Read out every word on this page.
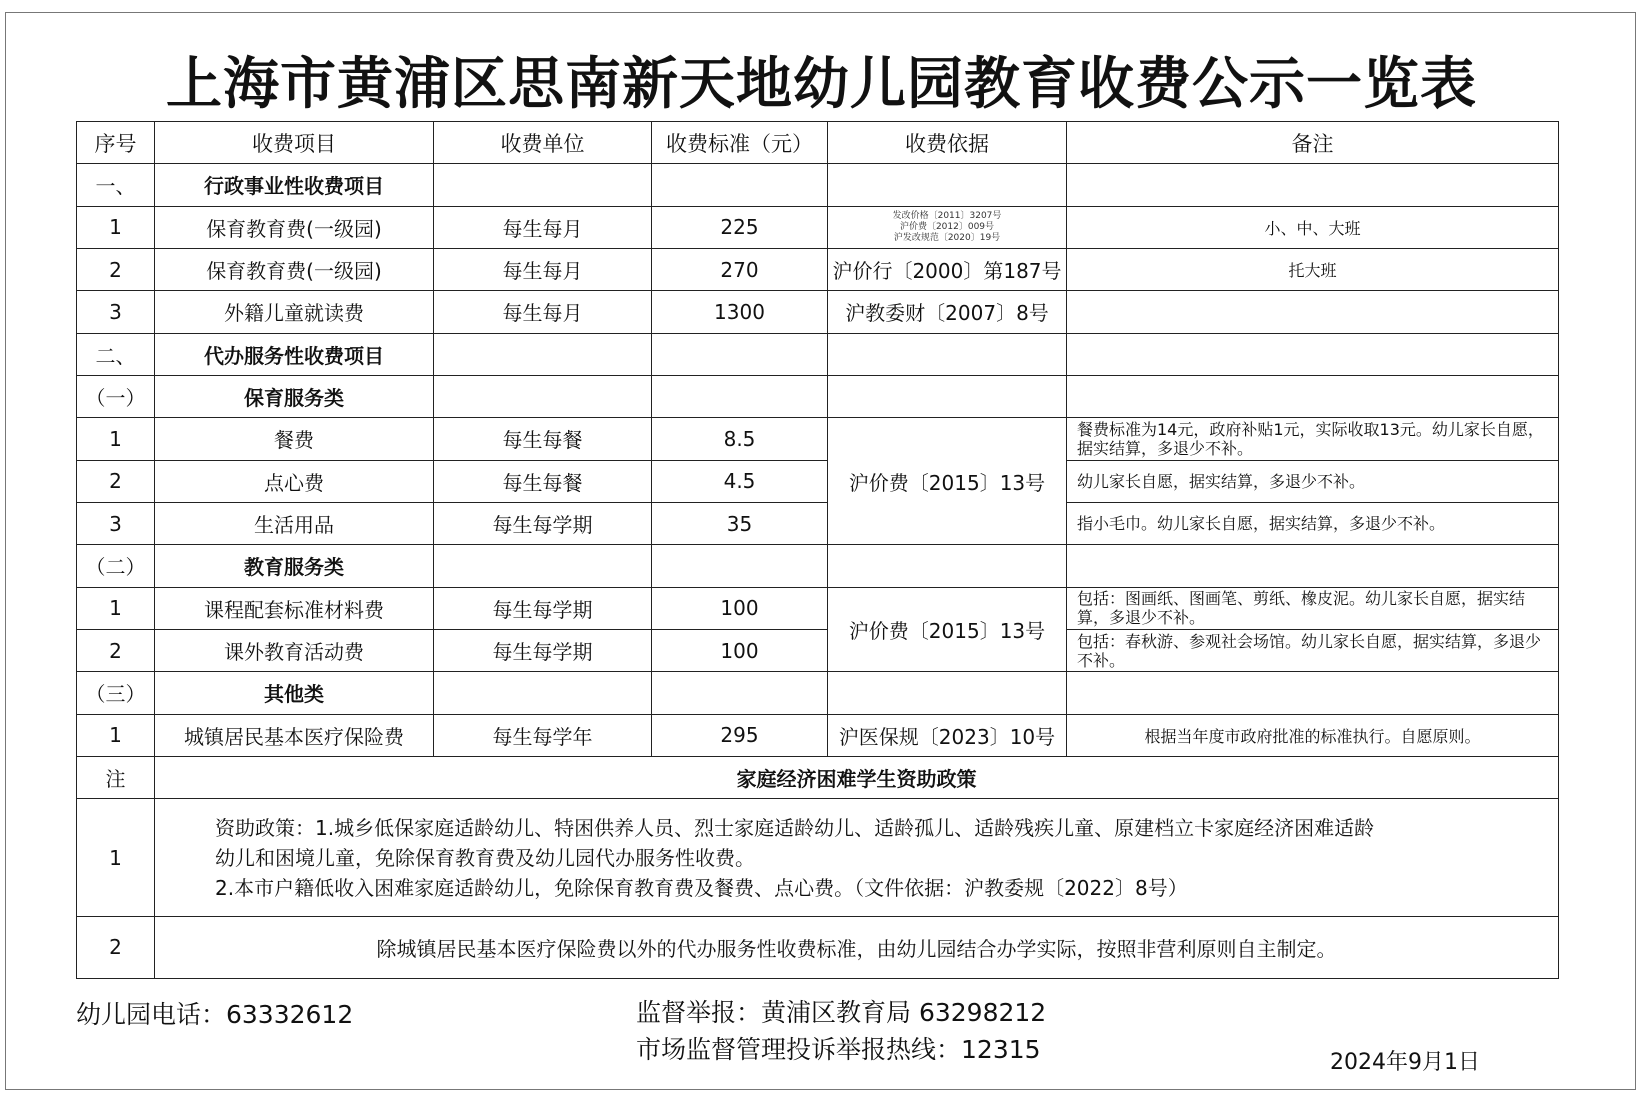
上海市黄浦区思南新天地幼儿园教育收费公示一览表
序号	收费项目	收费单位	收费标准（元）	收费依据	备注
一、	行政事业性收费项目				
1	保育教育费(一级园)	每生每月	225	发改价格〔2011〕3207号
沪价费〔2012〕009号
沪发改规范〔2020〕19号	小、中、大班
2	保育教育费(一级园)	每生每月	270	沪价行〔2000〕第187号	托大班
3	外籍儿童就读费	每生每月	1300	沪教委财〔2007〕8号	
二、	代办服务性收费项目				
（一）	保育服务类				
1	餐费	每生每餐	8.5	沪价费〔2015〕13号	餐费标准为14元，政府补贴1元，实际收取13元。幼儿家长自愿，据实结算，多退少不补。
2	点心费	每生每餐	4.5		幼儿家长自愿，据实结算，多退少不补。
3	生活用品	每生每学期	35		指小毛巾。幼儿家长自愿，据实结算，多退少不补。
（二）	教育服务类				
1	课程配套标准材料费	每生每学期	100	沪价费〔2015〕13号	包括：图画纸、图画笔、剪纸、橡皮泥。幼儿家长自愿，据实结算，多退少不补。
2	课外教育活动费	每生每学期	100		包括：春秋游、参观社会场馆。幼儿家长自愿，据实结算，多退少不补。
（三）	其他类				
1	城镇居民基本医疗保险费	每生每学年	295	沪医保规〔2023〕10号	根据当年度市政府批准的标准执行。自愿原则。
注	家庭经济困难学生资助政策				
1	资助政策：1.城乡低保家庭适龄幼儿、特困供养人员、烈士家庭适龄幼儿、适龄孤儿、适龄残疾儿童、原建档立卡家庭经济困难适龄
幼儿和困境儿童，免除保育教育费及幼儿园代办服务性收费。
2.本市户籍低收入困难家庭适龄幼儿，免除保育教育费及餐费、点心费。（文件依据：沪教委规〔2022〕8号）				

2	除城镇居民基本医疗保险费以外的代办服务性收费标准，由幼儿园结合办学实际，按照非营利原则自主制定。				
幼儿园电话：63332612	监督举报：黄浦区教育局 63298212
市场监督管理投诉举报热线：12315	2024年9月1日
